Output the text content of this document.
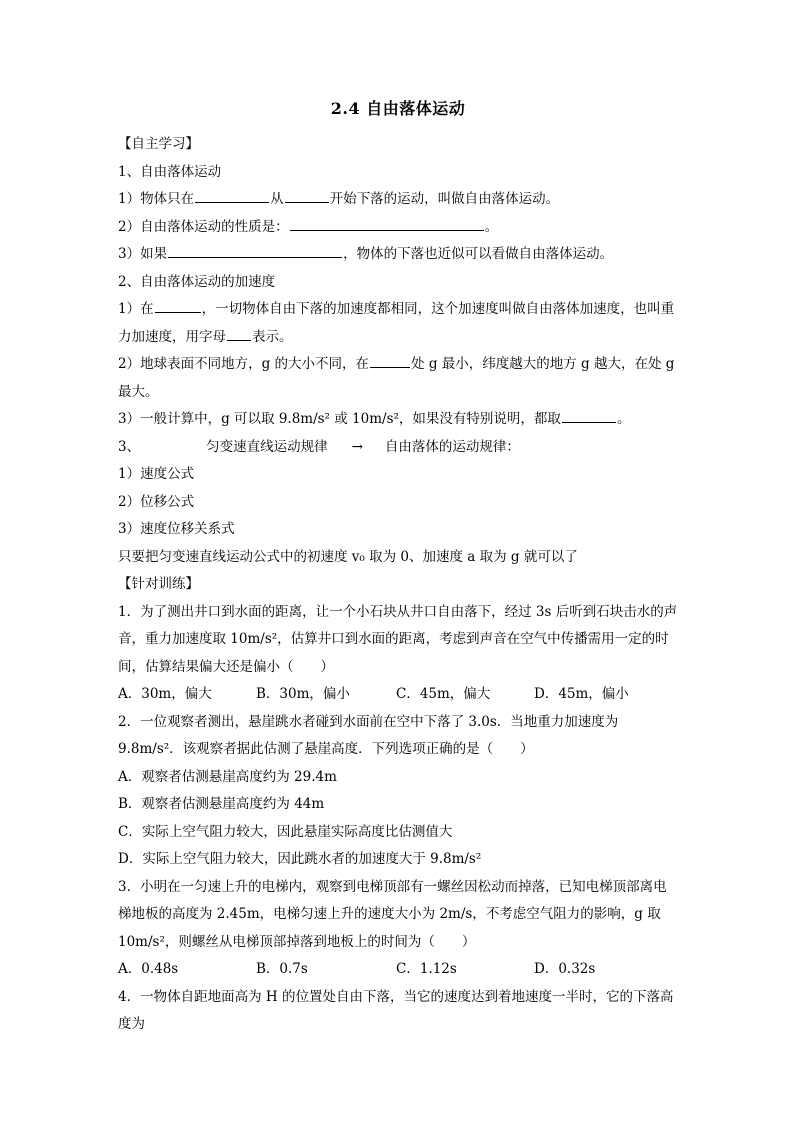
2.4 自由落体运动
【自主学习】
1、自由落体运动
1）物体只在	从	开始下落的运动，叫做自由落体运动。
2）自由落体运动的性质是：	。
3）如果	，物体的下落也近似可以看做自由落体运动。
2、自由落体运动的加速度
1）在	，一切物体自由下落的加速度都相同，这个加速度叫做自由落体加速度，也叫重力加速度，用字母 表示。
2）地球表面不同地方，g 的大小不同，在	处 g 最小，纬度越大的地方 g 越大，在处 g 最大。
3）一般计算中，g 可以取 9.8m/s² 或 10m/s²，如果没有特别说明，都取	。
3、	匀变速直线运动规律 → 自由落体的运动规律：
1）速度公式
2）位移公式
3）速度位移关系式
只要把匀变速直线运动公式中的初速度 v₀ 取为 0、加速度 a 取为 g 就可以了
【针对训练】
1．为了测出井口到水面的距离，让一个小石块从井口自由落下，经过 3s 后听到石块击水的声音，重力加速度取 10m/s²，估算井口到水面的距离，考虑到声音在空气中传播需用一定的时间，估算结果偏大还是偏小（　　）
A．30m，偏大	B．30m，偏小	C．45m，偏大	D．45m，偏小
2．一位观察者测出，悬崖跳水者碰到水面前在空中下落了 3.0s．当地重力加速度为 9.8m/s²．该观察者据此估测了悬崖高度．下列选项正确的是（　　）
A．观察者估测悬崖高度约为 29.4m
B．观察者估测悬崖高度约为 44m
C．实际上空气阻力较大，因此悬崖实际高度比估测值大
D．实际上空气阻力较大，因此跳水者的加速度大于 9.8m/s²
3．小明在一匀速上升的电梯内，观察到电梯顶部有一螺丝因松动而掉落，已知电梯顶部离电梯地板的高度为 2.45m，电梯匀速上升的速度大小为 2m/s，不考虑空气阻力的影响，g 取 10m/s²，则螺丝从电梯顶部掉落到地板上的时间为（　　）
A．0.48s	B．0.7s	C．1.12s	D．0.32s
4．一物体自距地面高为 H 的位置处自由下落，当它的速度达到着地速度一半时，它的下落高度为
